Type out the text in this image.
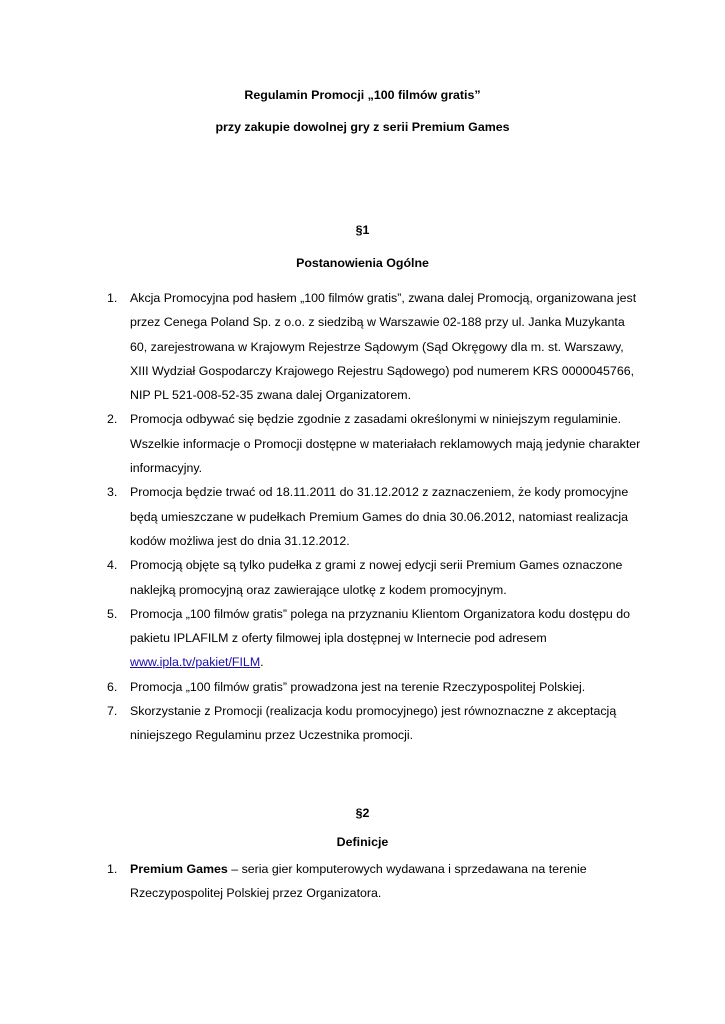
Regulamin Promocji „100 filmów gratis”
przy zakupie dowolnej gry z serii Premium Games
§1
Postanowienia Ogólne
1. Akcja Promocyjna pod hasłem „100 filmów gratis”, zwana dalej Promocją, organizowana jest przez Cenega Poland Sp. z o.o. z siedzibą w Warszawie 02-188 przy ul. Janka Muzykanta 60, zarejestrowana w Krajowym Rejestrze Sądowym (Sąd Okręgowy dla m. st. Warszawy, XIII Wydział Gospodarczy Krajowego Rejestru Sądowego) pod numerem KRS 0000045766, NIP PL 521-008-52-35 zwana dalej Organizatorem.
2. Promocja odbywać się będzie zgodnie z zasadami określonymi w niniejszym regulaminie. Wszelkie informacje o Promocji dostępne w materiałach reklamowych mają jedynie charakter informacyjny.
3. Promocja będzie trwać od 18.11.2011 do 31.12.2012 z zaznaczeniem, że kody promocyjne będą umieszczane w pudełkach Premium Games do dnia 30.06.2012, natomiast realizacja kodów możliwa jest do dnia 31.12.2012.
4. Promocją objęte są tylko pudełka z grami z nowej edycji serii Premium Games oznaczone naklejką promocyjną oraz zawierające ulotkę z kodem promocyjnym.
5. Promocja „100 filmów gratis” polega na przyznaniu Klientom Organizatora kodu dostępu do pakietu IPLAFILM z oferty filmowej ipla dostępnej w Internecie pod adresem www.ipla.tv/pakiet/FILM.
6. Promocja „100 filmów gratis” prowadzona jest na terenie Rzeczypospolitej Polskiej.
7. Skorzystanie z Promocji (realizacja kodu promocyjnego) jest równoznaczne z akceptacją niniejszego Regulaminu przez Uczestnika promocji.
§2
Definicje
1. Premium Games – seria gier komputerowych wydawana i sprzedawana na terenie Rzeczypospolitej Polskiej przez Organizatora.
